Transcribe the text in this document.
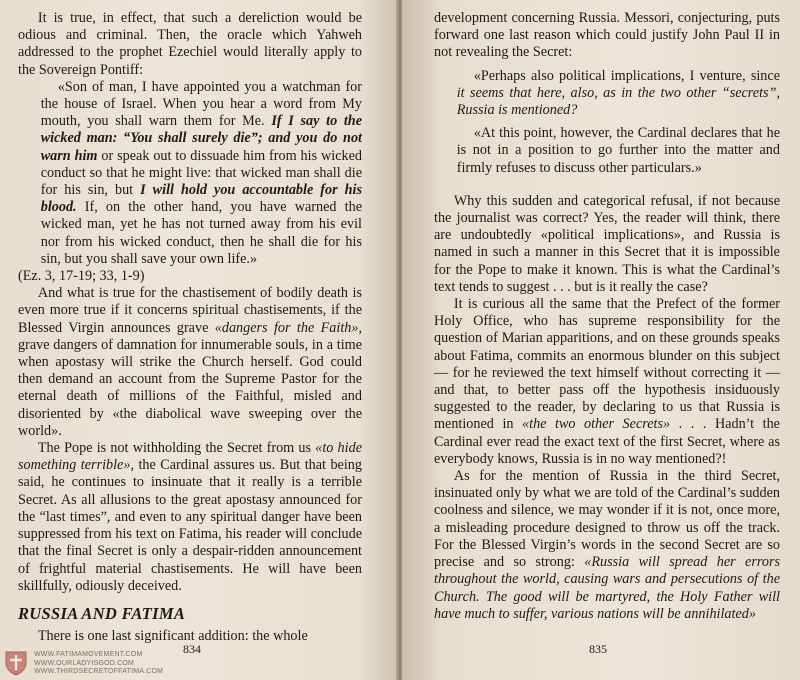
It is true, in effect, that such a dereliction would be odious and criminal. Then, the oracle which Yahweh addressed to the prophet Ezechiel would literally apply to the Sovereign Pontiff:

«Son of man, I have appointed you a watchman for the house of Israel. When you hear a word from My mouth, you shall warn them for Me. If I say to the wicked man: “You shall surely die”; and you do not warn him or speak out to dissuade him from his wicked conduct so that he might live: that wicked man shall die for his sin, but I will hold you accountable for his blood. If, on the other hand, you have warned the wicked man, yet he has not turned away from his evil nor from his wicked conduct, then he shall die for his sin, but you shall save your own life.»

(Ez. 3, 17-19; 33, 1-9)

And what is true for the chastisement of bodily death is even more true if it concerns spiritual chastisements, if the Blessed Virgin announces grave «dangers for the Faith», grave dangers of damnation for innumerable souls, in a time when apostasy will strike the Church herself. God could then demand an account from the Supreme Pastor for the eternal death of millions of the Faithful, misled and disoriented by «the diabolical wave sweeping over the world».

The Pope is not withholding the Secret from us «to hide something terrible», the Cardinal assures us. But that being said, he continues to insinuate that it really is a terrible Secret. As all allusions to the great apostasy announced for the “last times”, and even to any spiritual danger have been suppressed from his text on Fatima, his reader will conclude that the final Secret is only a despair-ridden announcement of frightful material chastisements. He will have been skillfully, odiously deceived.

RUSSIA AND FATIMA

There is one last significant addition: the whole

834
WWW.FATIMAMOVEMENT.COM
WWW.OURLADYISGOD.COM
WWW.THIRDSECRETOFFATIMA.COM

development concerning Russia. Messori, conjecturing, puts forward one last reason which could justify John Paul II in not revealing the Secret:

«Perhaps also political implications, I venture, since it seems that here, also, as in the two other “secrets”, Russia is mentioned?

«At this point, however, the Cardinal declares that he is not in a position to go further into the matter and firmly refuses to discuss other particulars.»

Why this sudden and categorical refusal, if not because the journalist was correct? Yes, the reader will think, there are undoubtedly «political implications», and Russia is named in such a manner in this Secret that it is impossible for the Pope to make it known. This is what the Cardinal’s text tends to suggest . . . but is it really the case?

It is curious all the same that the Prefect of the former Holy Office, who has supreme responsibility for the question of Marian apparitions, and on these grounds speaks about Fatima, commits an enormous blunder on this subject — for he reviewed the text himself without correcting it — and that, to better pass off the hypothesis insiduously suggested to the reader, by declaring to us that Russia is mentioned in «the two other Secrets» . . . Hadn’t the Cardinal ever read the exact text of the first Secret, where as everybody knows, Russia is in no way mentioned?!

As for the mention of Russia in the third Secret, insinuated only by what we are told of the Cardinal’s sudden coolness and silence, we may wonder if it is not, once more, a misleading procedure designed to throw us off the track. For the Blessed Virgin’s words in the second Secret are so precise and so strong: «Russia will spread her errors throughout the world, causing wars and persecutions of the Church. The good will be martyred, the Holy Father will have much to suffer, various nations will be annihilated»

835
